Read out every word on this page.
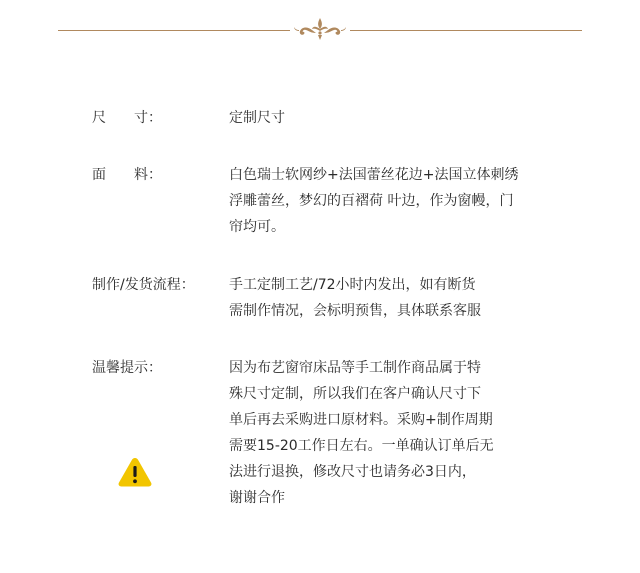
尺　　寸：	定制尺寸
面　　料：	白色瑞士软网纱+法国蕾丝花边+法国立体刺绣
浮雕蕾丝，梦幻的百褶荷 叶边，作为窗幔，门
帘均可。
制作/发货流程： 手工定制工艺/72小时内发出，如有断货
需制作情况，会标明预售，具体联系客服
温馨提示：	因为布艺窗帘床品等手工制作商品属于特
殊尺寸定制，所以我们在客户确认尺寸下
单后再去采购进口原材料。采购+制作周期
需要15-20工作日左右。一单确认订单后无
法进行退换，修改尺寸也请务必3日内，
谢谢合作
